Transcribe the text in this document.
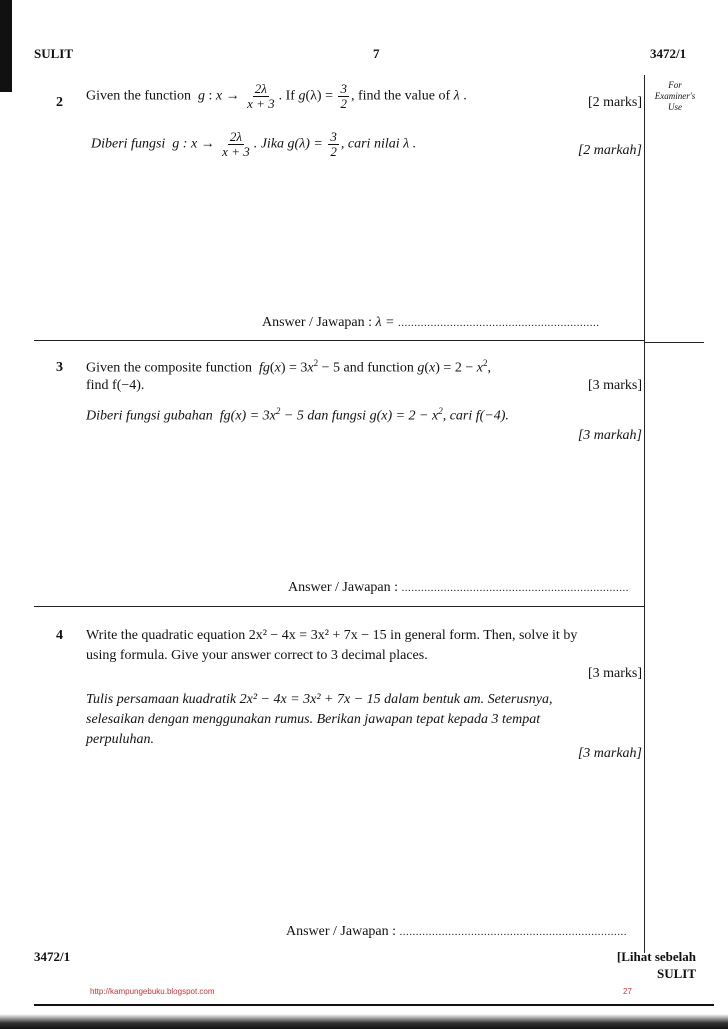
SULIT	7	3472/1
For Examiner's Use
2 Given the function  g : $x \to \frac{2\lambda}{x + 3}$ . If $g(\lambda) = \frac{3}{2}$ , find the value of λ .	[2 marks]
Diberi fungsi  g : $x \to \frac{2\lambda}{x + 3}$ . Jika $g(\lambda) = \frac{3}{2}$ , cari nilai λ .	[2 markah]
Answer / Jawapan : λ = ..............................................................
3 Given the composite function  $fg(x) = 3x^2 - 5$ and function $g(x) = 2 - x^2$,
find f(−4).	[3 marks]
Diberi fungsi gubahan  $fg(x) = 3x^2 - 5$ dan fungsi $g(x) = 2 - x^2$, cari f(−4).
[3 markah]
Answer / Jawapan : ......................................................................
4 Write the quadratic equation 2x² − 4x = 3x² + 7x − 15 in general form. Then, solve it by
using formula. Give your answer correct to 3 decimal places.
[3 marks]
Tulis persamaan kuadratik 2x² − 4x = 3x² + 7x − 15 dalam bentuk am. Seterusnya,
selesaikan dengan menggunakan rumus. Berikan jawapan tepat kepada 3 tempat
perpuluhan.
[3 markah]
Answer / Jawapan : ......................................................................
3472/1	[Lihat sebelah
SULIT
http://kampungebuku.blogspot.com	27
